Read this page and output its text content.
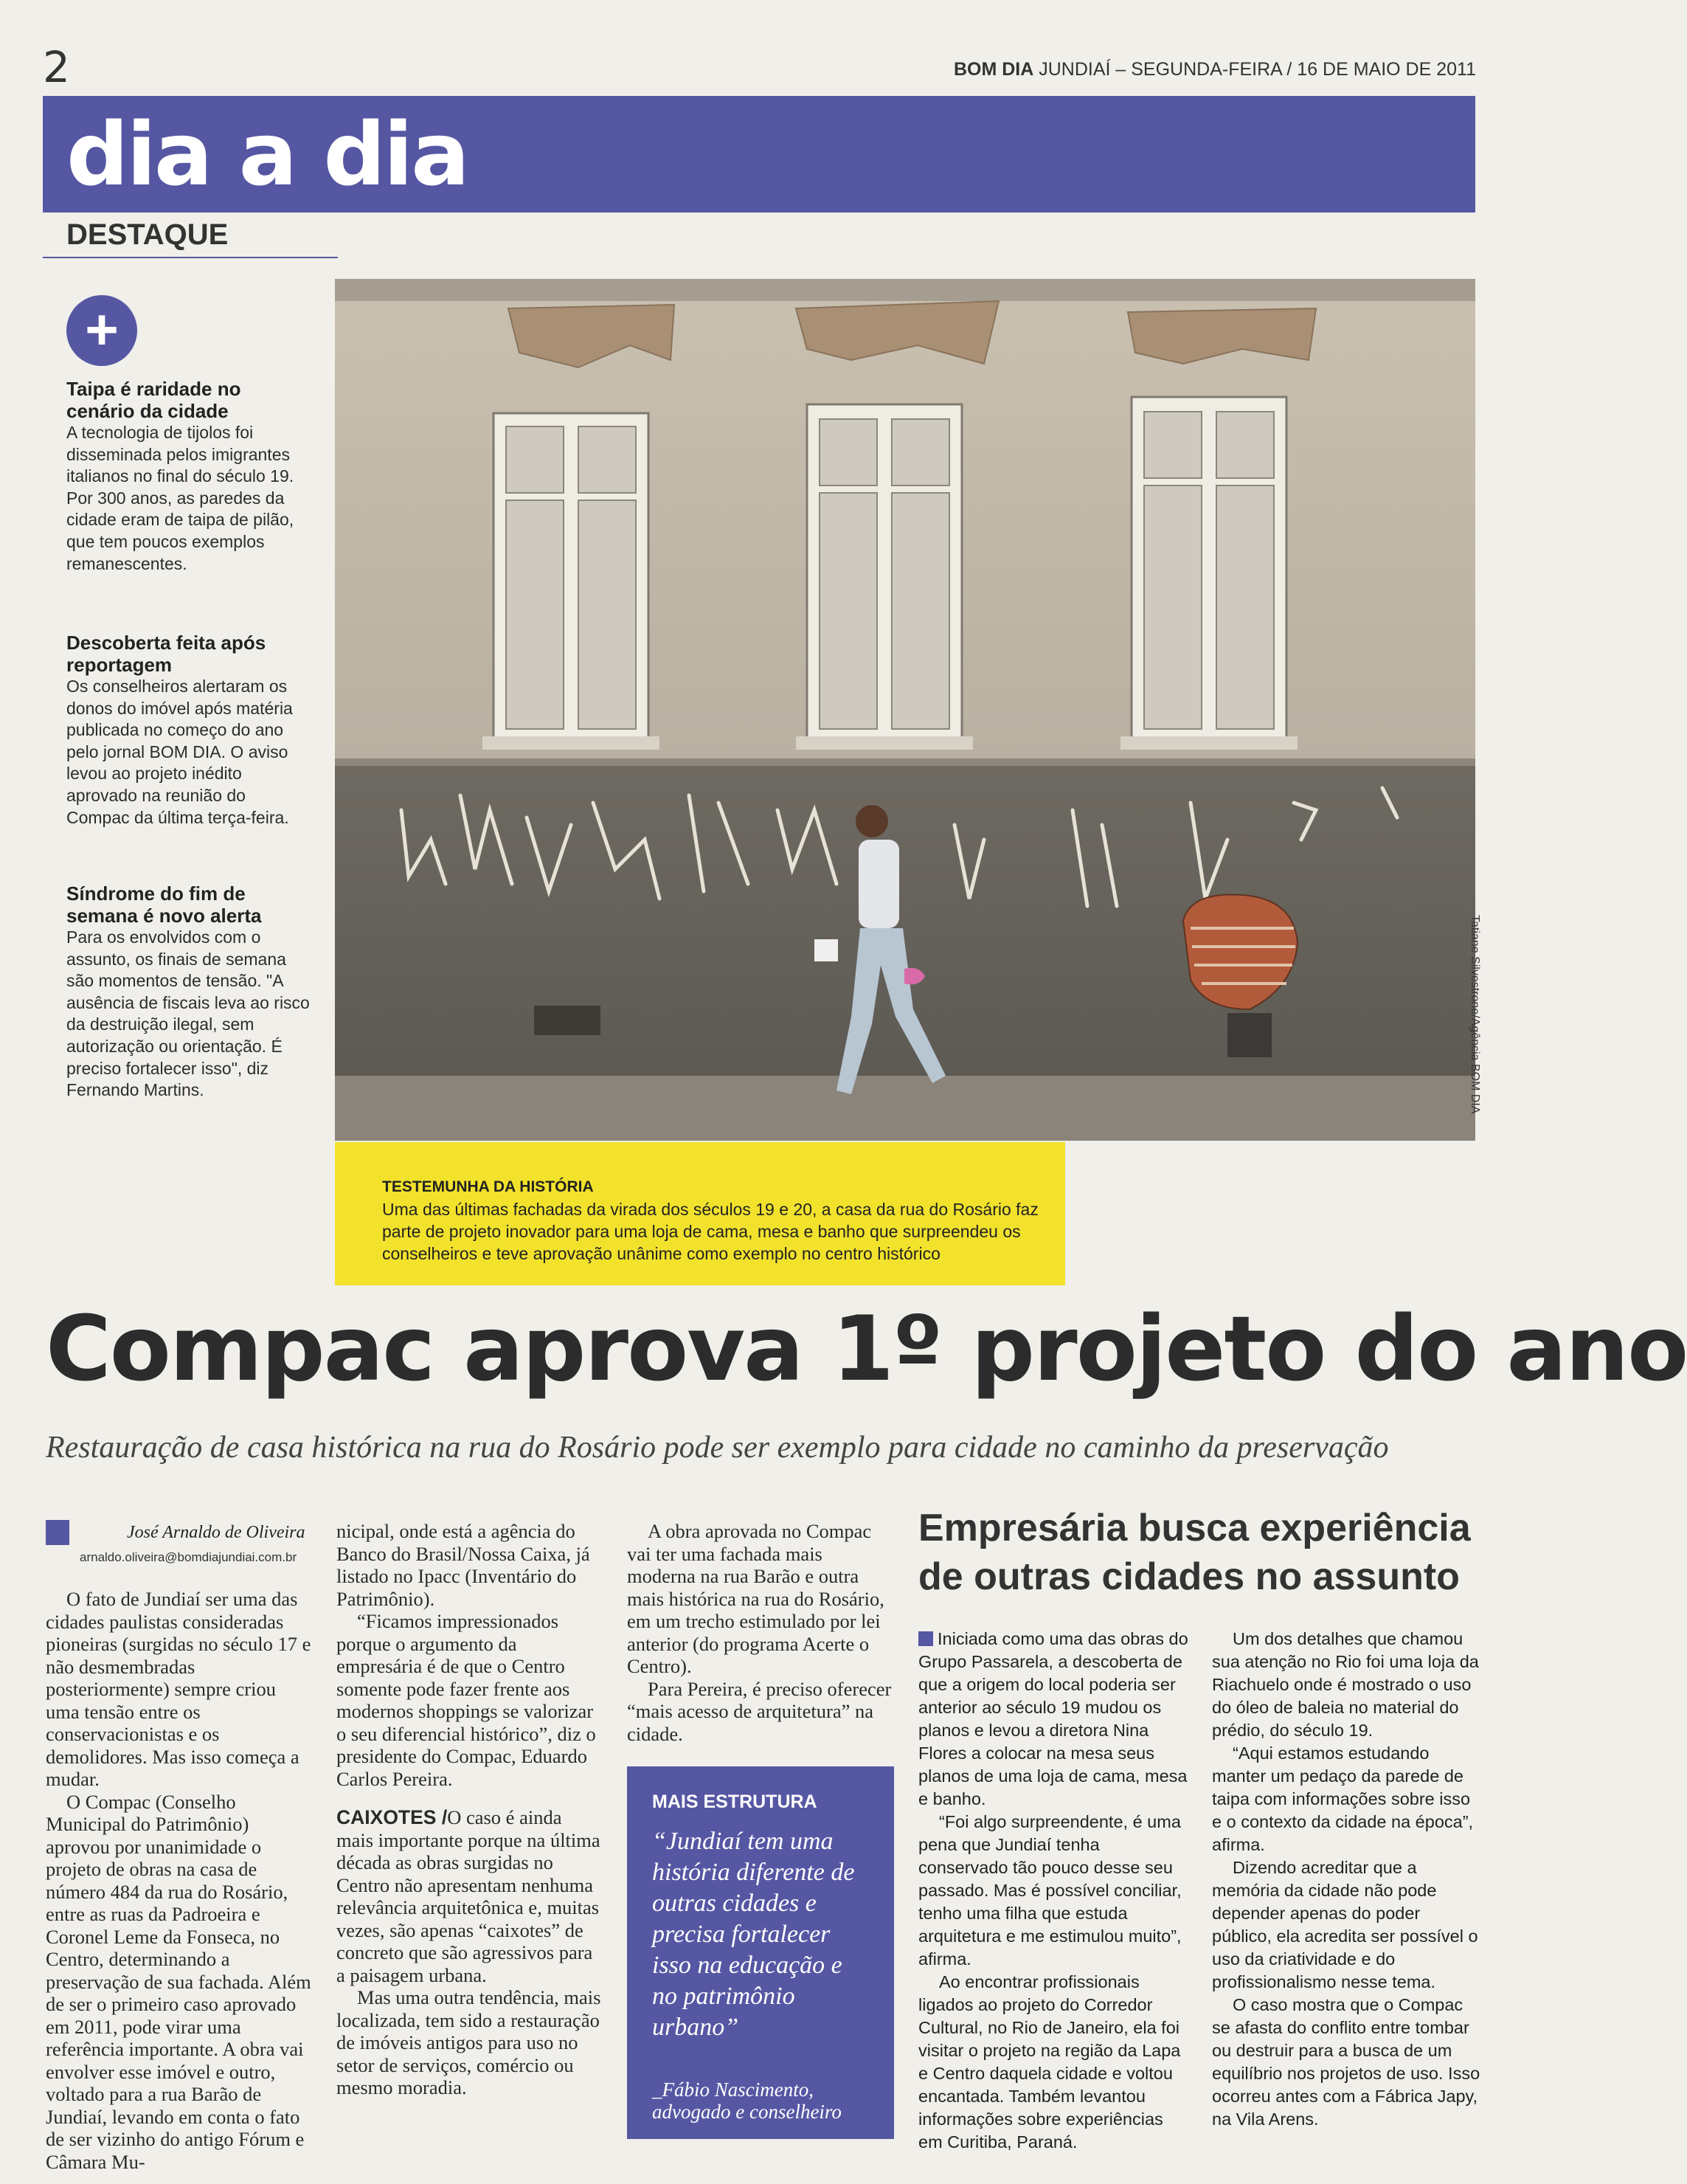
2	BOM DIA JUNDIAÍ – SEGUNDA-FEIRA / 16 DE MAIO DE 2011
dia a dia
DESTAQUE
+
Taipa é raridade no cenário da cidade
A tecnologia de tijolos foi disseminada pelos imigrantes italianos no final do século 19. Por 300 anos, as paredes da cidade eram de taipa de pilão, que tem poucos exemplos remanescentes.
Descoberta feita após reportagem
Os conselheiros alertaram os donos do imóvel após matéria publicada no começo do ano pelo jornal BOM DIA. O aviso levou ao projeto inédito aprovado na reunião do Compac da última terça-feira.
Síndrome do fim de semana é novo alerta
Para os envolvidos com o assunto, os finais de semana são momentos de tensão. "A ausência de fiscais leva ao risco da destruição ilegal, sem autorização ou orientação. É preciso fortalecer isso", diz Fernando Martins.	Tatiane Silvestrone/Agência BOM DIA
TESTEMUNHA DA HISTÓRIA
Uma das últimas fachadas da virada dos séculos 19 e 20, a casa da rua do Rosário faz parte de projeto inovador para uma loja de cama, mesa e banho que surpreendeu os conselheiros e teve aprovação unânime como exemplo no centro histórico
Compac aprova 1º projeto do ano
Restauração de casa histórica na rua do Rosário pode ser exemplo para cidade no caminho da preservação
José Arnaldo de Oliveira
arnaldo.oliveira@bomdiajundiai.com.br

O fato de Jundiaí ser uma das cidades paulistas consideradas pioneiras (surgidas no século 17 e não desmembradas posteriormente) sempre criou uma tensão entre os conservacionistas e os demolidores. Mas isso começa a mudar.

O Compac (Conselho Municipal do Patrimônio) aprovou por unanimidade o projeto de obras na casa de número 484 da rua do Rosário, entre as ruas da Padroeira e Coronel Leme da Fonseca, no Centro, determinando a preservação de sua fachada. Além de ser o primeiro caso aprovado em 2011, pode virar uma referência importante. A obra vai envolver esse imóvel e outro, voltado para a rua Barão de Jundiaí, levando em conta o fato de ser vizinho do antigo Fórum e Câmara Mu-

nicipal, onde está a agência do Banco do Brasil/Nossa Caixa, já listado no Ipacc (Inventário do Patrimônio).

“Ficamos impressionados porque o argumento da empresária é de que o Centro somente pode fazer frente aos modernos shoppings se valorizar o seu diferencial histórico”, diz o presidente do Compac, Eduardo Carlos Pereira.

CAIXOTES /O caso é ainda mais importante porque na última década as obras surgidas no Centro não apresentam nenhuma relevância arquitetônica e, muitas vezes, são apenas “caixotes” de concreto que são agressivos para a paisagem urbana.

Mas uma outra tendência, mais localizada, tem sido a restauração de imóveis antigos para uso no setor de serviços, comércio ou mesmo moradia.

A obra aprovada no Compac vai ter uma fachada mais moderna na rua Barão e outra mais histórica na rua do Rosário, em um trecho estimulado por lei anterior (do programa Acerte o Centro).

Para Pereira, é preciso oferecer “mais acesso de arquitetura” na cidade.

MAIS ESTRUTURA
“Jundiaí tem uma história diferente de outras cidades e precisa fortalecer isso na educação e no patrimônio urbano”
_Fábio Nascimento, advogado e conselheiro
Empresária busca experiência de outras cidades no assunto

Iniciada como uma das obras do Grupo Passarela, a descoberta de que a origem do local poderia ser anterior ao século 19 mudou os planos e levou a diretora Nina Flores a colocar na mesa seus planos de uma loja de cama, mesa e banho.

“Foi algo surpreendente, é uma pena que Jundiaí tenha conservado tão pouco desse seu passado. Mas é possível conciliar, tenho uma filha que estuda arquitetura e me estimulou muito”, afirma.

Ao encontrar profissionais ligados ao projeto do Corredor Cultural, no Rio de Janeiro, ela foi visitar o projeto na região da Lapa e Centro daquela cidade e voltou encantada. Também levantou informações sobre experiências em Curitiba, Paraná.

Um dos detalhes que chamou sua atenção no Rio foi uma loja da Riachuelo onde é mostrado o uso do óleo de baleia no material do prédio, do século 19.

“Aqui estamos estudando manter um pedaço da parede de taipa com informações sobre isso e o contexto da cidade na época”, afirma.

Dizendo acreditar que a memória da cidade não pode depender apenas do poder público, ela acredita ser possível o uso da criatividade e do profissionalismo nesse tema.

O caso mostra que o Compac se afasta do conflito entre tombar ou destruir para a busca de um equilíbrio nos projetos de uso. Isso ocorreu antes com a Fábrica Japy, na Vila Arens.
